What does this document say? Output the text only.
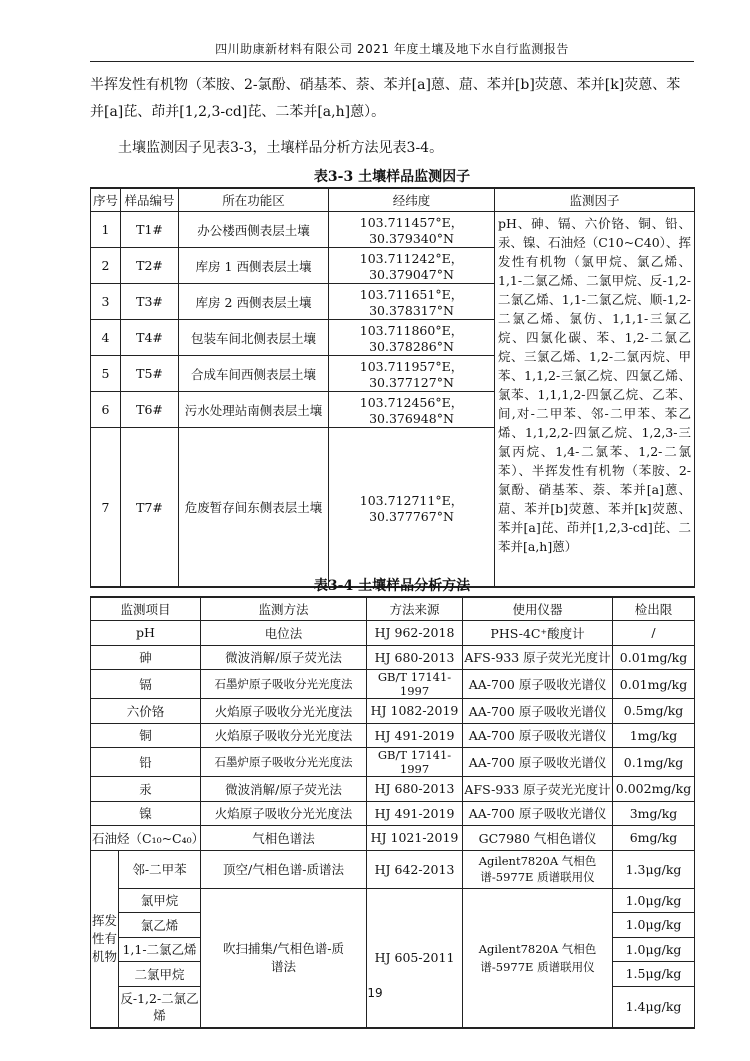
四川助康新材料有限公司 2021 年度土壤及地下水自行监测报告

半挥发性有机物（苯胺、2-氯酚、硝基苯、萘、苯并[a]蒽、䓛、苯并[b]荧蒽、苯并[k]荧蒽、苯并[a]芘、茚并[1,2,3-cd]芘、二苯并[a,h]蒽）。

土壤监测因子见表3-3，土壤样品分析方法见表3-4。

表3-3 土壤样品监测因子

序号	样品编号	所在功能区	经纬度	监测因子
1	T1#	办公楼西侧表层土壤	103.711457°E，30.379340°N	pH、砷、镉、六价铬、铜、铅、汞、镍、石油烃（C10~C40）、挥发性有机物（氯甲烷、氯乙烯、1,1-二氯乙烯、二氯甲烷、反-1,2-二氯乙烯、1,1-二氯乙烷、顺-1,2-二氯乙烯、氯仿、1,1,1-三氯乙烷、四氯化碳、苯、1,2-二氯乙烷、三氯乙烯、1,2-二氯丙烷、甲苯、1,1,2-三氯乙烷、四氯乙烯、氯苯、1,1,1,2-四氯乙烷、乙苯、间,对-二甲苯、邻-二甲苯、苯乙烯、1,1,2,2-四氯乙烷、1,2,3-三氯丙烷、1,4-二氯苯、1,2-二氯苯）、半挥发性有机物（苯胺、2-氯酚、硝基苯、萘、苯并[a]蒽、䓛、苯并[b]荧蒽、苯并[k]荧蒽、苯并[a]芘、茚并[1,2,3-cd]芘、二苯并[a,h]蒽）
2	T2#	库房 1 西侧表层土壤	103.711242°E，30.379047°N	
3	T3#	库房 2 西侧表层土壤	103.711651°E，30.378317°N	
4	T4#	包装车间北侧表层土壤	103.711860°E，30.378286°N	
5	T5#	合成车间西侧表层土壤	103.711957°E，30.377127°N	
6	T6#	污水处理站南侧表层土壤	103.712456°E，30.376948°N	
7	T7#	危废暂存间东侧表层土壤	103.712711°E，30.377767°N	

表3-4 土壤样品分析方法

监测项目		监测方法	方法来源	使用仪器	检出限
pH		电位法	HJ 962-2018	PHS-4C⁺酸度计	/
砷		微波消解/原子荧光法	HJ 680-2013	AFS-933 原子荧光光度计	0.01mg/kg
镉		石墨炉原子吸收分光光度法	GB/T 17141-1997	AA-700 原子吸收光谱仪	0.01mg/kg
六价铬		火焰原子吸收分光光度法	HJ 1082-2019	AA-700 原子吸收光谱仪	0.5mg/kg
铜		火焰原子吸收分光光度法	HJ 491-2019	AA-700 原子吸收光谱仪	1mg/kg
铅		石墨炉原子吸收分光光度法	GB/T 17141-1997	AA-700 原子吸收光谱仪	0.1mg/kg
汞		微波消解/原子荧光法	HJ 680-2013	AFS-933 原子荧光光度计	0.002mg/kg
镍		火焰原子吸收分光光度法	HJ 491-2019	AA-700 原子吸收光谱仪	3mg/kg
石油烃（C₁₀~C₄₀）		气相色谱法	HJ 1021-2019	GC7980 气相色谱仪	6mg/kg
挥发性有机物	邻-二甲苯	顶空/气相色谱-质谱法	HJ 642-2013	Agilent7820A 气相色谱-5977E 质谱联用仪	1.3μg/kg
	氯甲烷	吹扫捕集/气相色谱-质谱法	HJ 605-2011	Agilent7820A 气相色谱-5977E 质谱联用仪	1.0μg/kg
	氯乙烯				1.0μg/kg
	1,1-二氯乙烯				1.0μg/kg
	二氯甲烷				1.5μg/kg
	反-1,2-二氯乙烯				1.4μg/kg
19
